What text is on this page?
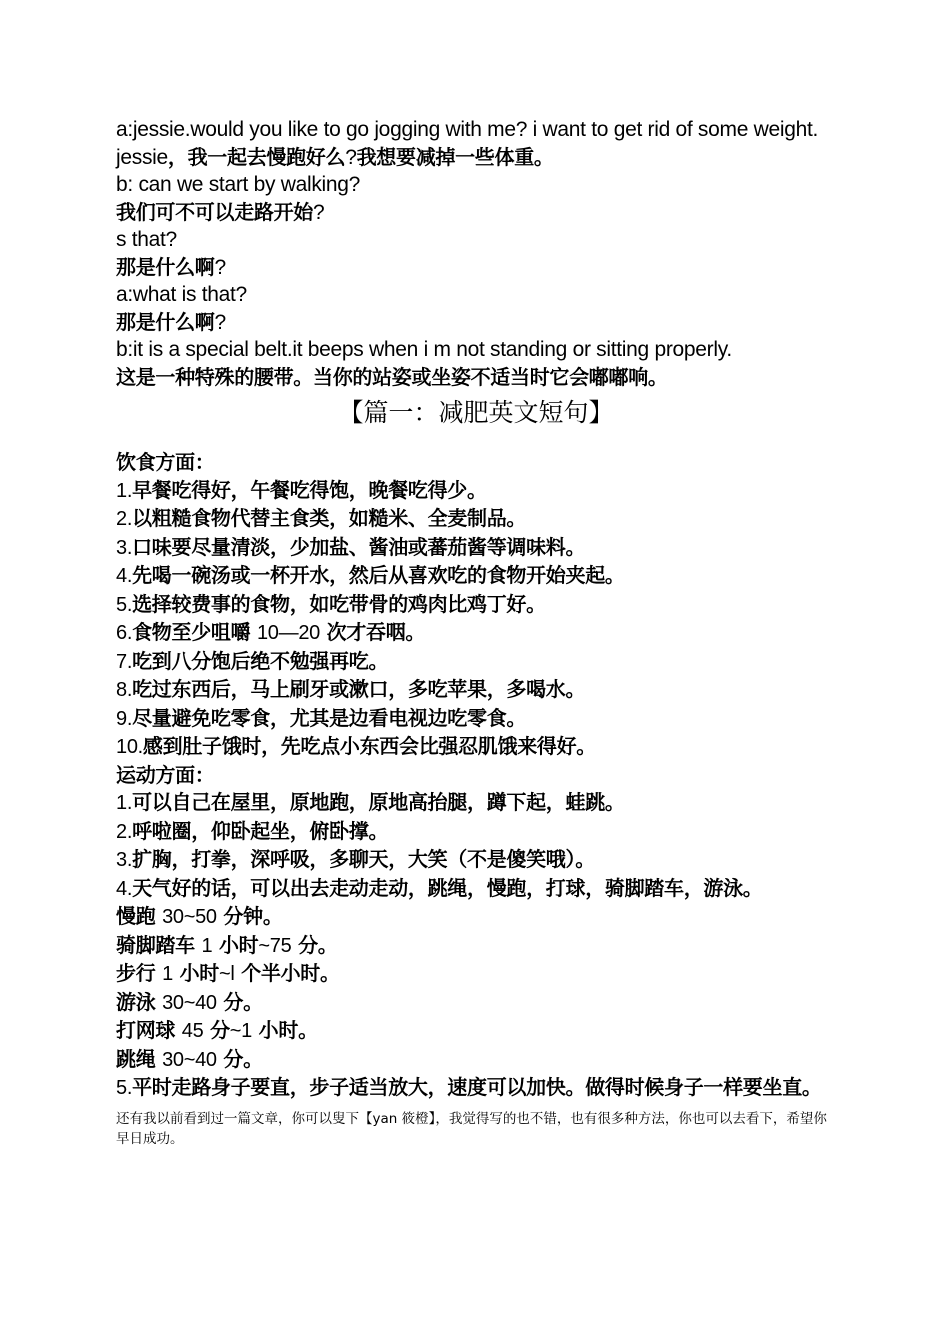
a:jessie.would you like to go jogging with me? i want to get rid of some weight.
jessie，我一起去慢跑好么?我想要减掉一些体重。
b: can we start by walking?
我们可不可以走路开始?
s that?
那是什么啊?
a:what is that?
那是什么啊?
b:it is a special belt.it beeps when i m not standing or sitting properly.
这是一种特殊的腰带。当你的站姿或坐姿不适当时它会嘟嘟响。
【篇一：减肥英文短句】
饮食方面：
1.早餐吃得好，午餐吃得饱，晚餐吃得少。
2.以粗糙食物代替主食类，如糙米、全麦制品。
3.口味要尽量清淡，少加盐、酱油或蕃茄酱等调味料。
4.先喝一碗汤或一杯开水，然后从喜欢吃的食物开始夹起。
5.选择较费事的食物，如吃带骨的鸡肉比鸡丁好。
6.食物至少咀嚼 10—20 次才吞咽。
7.吃到八分饱后绝不勉强再吃。
8.吃过东西后，马上刷牙或漱口，多吃苹果，多喝水。
9.尽量避免吃零食，尤其是边看电视边吃零食。
10.感到肚子饿时，先吃点小东西会比强忍肌饿来得好。
运动方面：
1.可以自己在屋里，原地跑，原地高抬腿，蹲下起，蛙跳。
2.呼啦圈，仰卧起坐，俯卧撑。
3.扩胸，打拳，深呼吸，多聊天，大笑（不是傻笑哦）。
4.天气好的话，可以出去走动走动，跳绳，慢跑，打球，骑脚踏车，游泳。
慢跑 30~50 分钟。
骑脚踏车 1 小时~75 分。
步行 1 小时~l 个半小时。
游泳 30~40 分。
打网球 45 分~1 小时。
跳绳 30~40 分。
5.平时走路身子要直，步子适当放大，速度可以加快。做得时候身子一样要坐直。
还有我以前看到过一篇文章，你可以叟下【yan 筱橙】，我觉得写的也不错，也有很多种方法，你也可以去看下，希望你早日成功。
